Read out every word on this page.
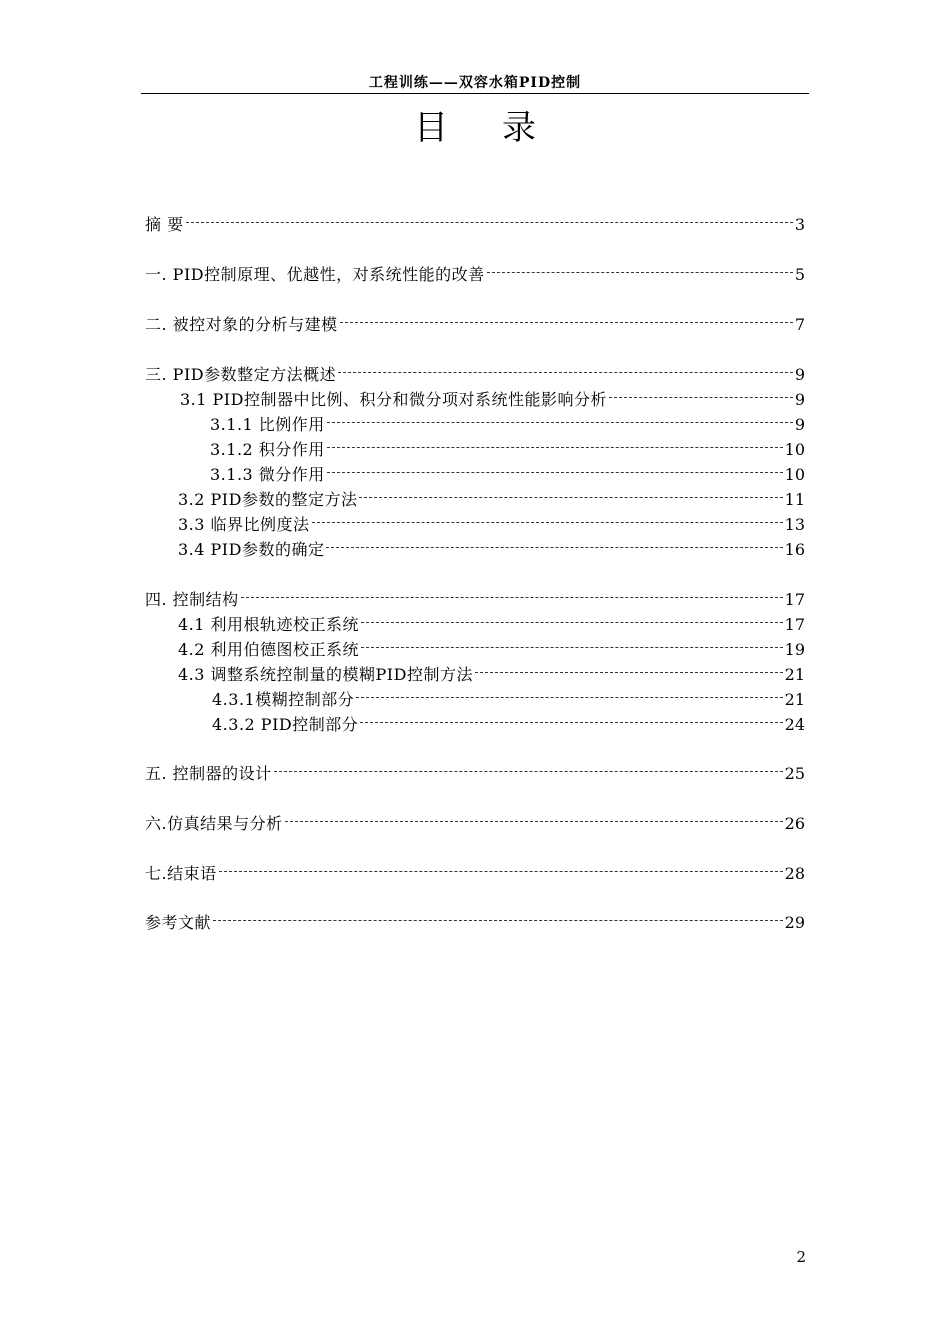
工程训练——双容水箱PID控制
目录
摘 要	3
一. PID控制原理、优越性，对系统性能的改善	5
二. 被控对象的分析与建模	7
三. PID参数整定方法概述	9
3.1 PID控制器中比例、积分和微分项对系统性能影响分析	9
3.1.1 比例作用	9
3.1.2 积分作用	10
3.1.3 微分作用	10
3.2 PID参数的整定方法	11
3.3 临界比例度法	13
3.4 PID参数的确定	16
四. 控制结构	17
4.1 利用根轨迹校正系统	17
4.2 利用伯德图校正系统	19
4.3 调整系统控制量的模糊PID控制方法	21
4.3.1模糊控制部分	21
4.3.2 PID控制部分	24
五. 控制器的设计	25
六.仿真结果与分析	26
七.结束语	28
参考文献	29
2
